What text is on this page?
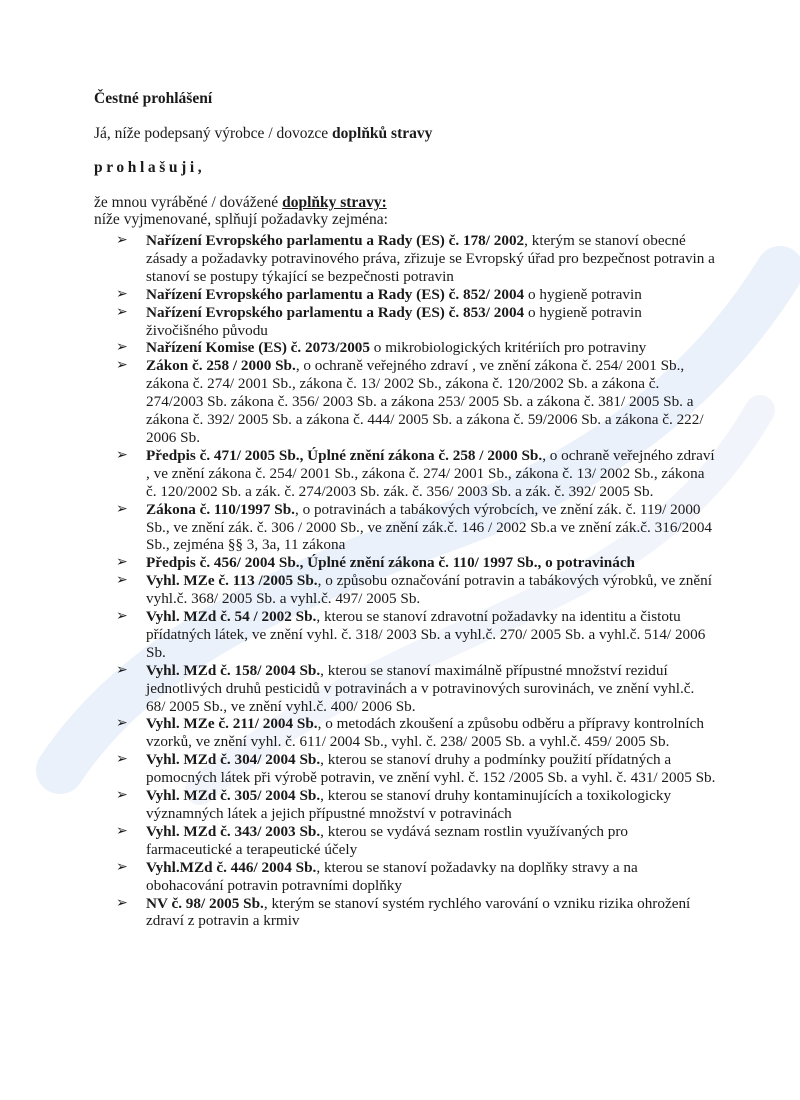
Čestné prohlášení

Já, níže podepsaný výrobce / dovozce doplňků stravy

prohlašuji,

že mnou vyráběné / dovážené doplňky stravy:
níže vyjmenované, splňují požadavky zejména:

➢ Nařízení Evropského parlamentu a Rady (ES) č. 178/ 2002, kterým se stanoví obecné zásady a požadavky potravinového práva, zřizuje se Evropský úřad pro bezpečnost potravin a stanoví se postupy týkající se bezpečnosti potravin
➢ Nařízení Evropského parlamentu a Rady (ES) č. 852/ 2004 o hygieně potravin
➢ Nařízení Evropského parlamentu a Rady (ES) č. 853/ 2004 o hygieně potravin živočišného původu
➢ Nařízení Komise (ES) č. 2073/2005 o mikrobiologických kritériích pro potraviny
➢ Zákon č. 258 / 2000 Sb., o ochraně veřejného zdraví , ve znění zákona č. 254/ 2001 Sb., zákona č. 274/ 2001 Sb., zákona č. 13/ 2002 Sb., zákona č. 120/2002 Sb. a zákona č. 274/2003 Sb. zákona č. 356/ 2003 Sb. a zákona 253/ 2005 Sb. a zákona č. 381/ 2005 Sb. a zákona č. 392/ 2005 Sb. a zákona č. 444/ 2005 Sb. a zákona č. 59/2006 Sb. a zákona č. 222/ 2006 Sb.
➢ Předpis č. 471/ 2005 Sb., Úplné znění zákona č. 258 / 2000 Sb., o ochraně veřejného zdraví , ve znění zákona č. 254/ 2001 Sb., zákona č. 274/ 2001 Sb., zákona č. 13/ 2002 Sb., zákona č. 120/2002 Sb. a zák. č. 274/2003 Sb. zák. č. 356/ 2003 Sb. a zák. č. 392/ 2005 Sb.
➢ Zákona č. 110/1997 Sb., o potravinách a tabákových výrobcích, ve znění zák. č. 119/ 2000 Sb., ve znění zák. č. 306 / 2000 Sb., ve znění zák.č. 146 / 2002 Sb.a ve znění zák.č. 316/2004 Sb., zejména §§ 3, 3a, 11 zákona
➢ Předpis č. 456/ 2004 Sb., Úplné znění zákona č. 110/ 1997 Sb., o potravinách
➢ Vyhl. MZe č. 113 /2005 Sb., o způsobu označování potravin a tabákových výrobků, ve znění vyhl.č. 368/ 2005 Sb. a vyhl.č. 497/ 2005 Sb.
➢ Vyhl. MZd č. 54 / 2002 Sb., kterou se stanoví zdravotní požadavky na identitu a čistotu přídatných látek, ve znění vyhl. č. 318/ 2003 Sb. a vyhl.č. 270/ 2005 Sb. a vyhl.č. 514/ 2006 Sb.
➢ Vyhl. MZd č. 158/ 2004 Sb., kterou se stanoví maximálně přípustné množství reziduí jednotlivých druhů pesticidů v potravinách a v potravinových surovinách, ve znění vyhl.č. 68/ 2005 Sb., ve znění vyhl.č. 400/ 2006 Sb.
➢ Vyhl. MZe č. 211/ 2004 Sb., o metodách zkoušení a způsobu odběru a přípravy kontrolních vzorků, ve znění vyhl. č. 611/ 2004 Sb., vyhl. č. 238/ 2005 Sb. a vyhl.č. 459/ 2005 Sb.
➢ Vyhl. MZd č. 304/ 2004 Sb., kterou se stanoví druhy a podmínky použití přídatných a pomocných látek při výrobě potravin, ve znění vyhl. č. 152 /2005 Sb. a vyhl. č. 431/ 2005 Sb.
➢ Vyhl. MZd č. 305/ 2004 Sb., kterou se stanoví druhy kontaminujících a toxikologicky významných látek a jejich přípustné množství v potravinách
➢ Vyhl. MZd č. 343/ 2003 Sb., kterou se vydává seznam rostlin využívaných pro farmaceutické a terapeutické účely
➢ Vyhl.MZd č. 446/ 2004 Sb., kterou se stanoví požadavky na doplňky stravy a na obohacování potravin potravními doplňky
➢ NV č. 98/ 2005 Sb., kterým se stanoví systém rychlého varování o vzniku rizika ohrožení zdraví z potravin a krmiv
